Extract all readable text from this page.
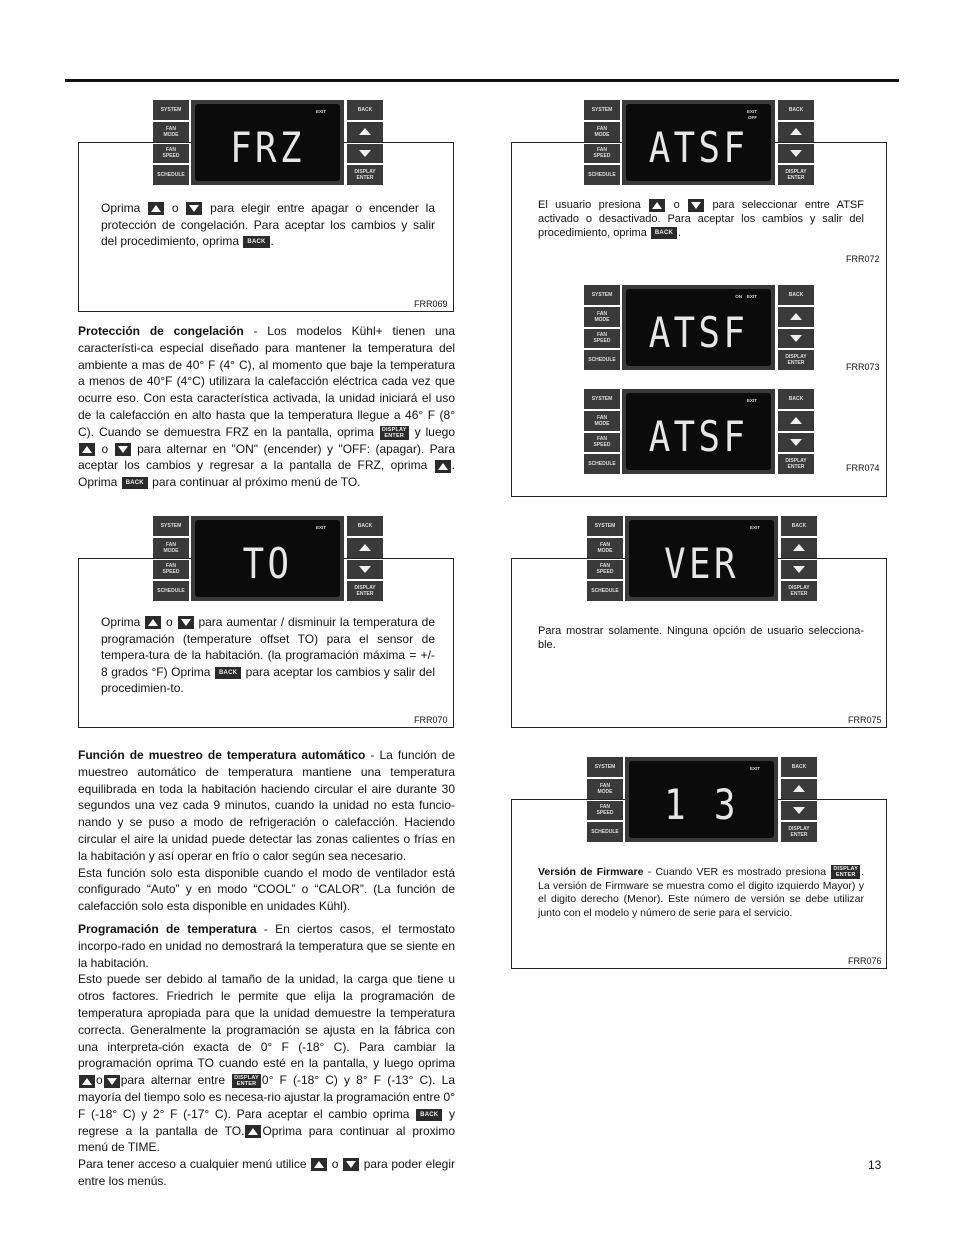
SYSTEM
FAN
MODE
FAN
SPEED
SCHEDULE
EXIT
FRZ
BACK
DISPLAY
ENTER
Oprima  o  para elegir entre apagar o encender la protección de congelación. Para aceptar los cambios y salir del procedimiento, oprima BACK .
FRR069

Protección de congelación - Los modelos Kühl+ tienen una característi-ca especial diseñado para mantener la temperatura del ambiente a mas de 40° F (4° C), al momento que baje la temperatura a menos de 40°F (4°C) utilizara la calefacción eléctrica cada vez que ocurre eso. Con esta característica activada, la unidad iniciará el uso de la calefacción en alto hasta que la temperatura llegue a 46° F (8° C). Cuando se demuestra FRZ en la pantalla, oprima DISPLAY
ENTER y luego  o  para alternar en "ON" (encender) y "OFF: (apagar). Para aceptar los cambios y regresar a la pantalla de FRZ, oprima . Oprima BACK para continuar al próximo menú de TO.

SYSTEM
FAN
MODE
FAN
SPEED
SCHEDULE
EXIT
TO
BACK
DISPLAY
ENTER
Oprima  o  para aumentar / disminuir la temperatura de programación (temperature offset TO) para el sensor de tempera-tura de la habitación. (la programación máxima = +/- 8 grados °F) Oprima BACK para aceptar los cambios y salir del procedimien-to.
FRR070

Función de muestreo de temperatura automático - La función de muestreo automático de temperatura mantiene una temperatura equilibrada en toda la habitación haciendo circular el aire durante 30 segundos una vez cada 9 minutos, cuando la unidad no esta funcio-nando y se puso a modo de refrigeración o calefacción. Haciendo circular el aire la unidad puede detectar las zonas calientes o frías en la habitación y así operar en frío o calor según sea necesario.

Esta función solo esta disponible cuando el modo de ventilador está configurado “Auto” y en modo “COOL” o “CALOR”. (La función de calefacción solo esta disponible en unidades Kühl).

Programación de temperatura - En ciertos casos, el termostato incorpo-rado en unidad no demostrará la temperatura que se siente en la habitación.

Esto puede ser debido al tamaño de la unidad, la carga que tiene u otros factores. Friedrich le permite que elija la programación de temperatura apropiada para que la unidad demuestre la temperatura correcta. Generalmente la programación se ajusta en la fábrica con una interpreta-ción exacta de 0° F (-18° C). Para cambiar la programación oprima TO cuando esté en la pantalla, y luego oprima o para alternar entre DISPLAY
ENTER 0° F (-18° C) y 8° F (-13° C). La mayoría del tiempo solo es necesa-rio ajustar la programación entre 0° F (-18° C) y 2° F (-17° C). Para aceptar el cambio oprima BACK y regrese a la pantalla de TO. Oprima para continuar al proximo menú de TIME.

Para tener acceso a cualquier menú utilice  o  para poder elegir entre los menús.

SYSTEM
FAN
MODE
FAN
SPEED
SCHEDULE
EXIT
OFF
ATSF
BACK
DISPLAY
ENTER
El usuario presiona  o  para seleccionar entre ATSF activado o desactivado. Para aceptar los cambios y salir del procedimiento, oprima BACK .
FRR072
SYSTEM
FAN
MODE
FAN
SPEED
SCHEDULE
ON    EXIT
ATSF
BACK
DISPLAY
ENTER	FRR073
SYSTEM
FAN
MODE
FAN
SPEED
SCHEDULE
EXIT
ATSF
BACK
DISPLAY
ENTER	FRR074
SYSTEM
FAN
MODE
FAN
SPEED
SCHEDULE
EXIT
VER
BACK
DISPLAY
ENTER
Para mostrar solamente. Ninguna opción de usuario selecciona-ble.
FRR075
SYSTEM
FAN
MODE
FAN
SPEED
SCHEDULE
EXIT
1 3
BACK
DISPLAY
ENTER
Versión de Firmware - Cuando VER es mostrado presiona DISPLAY
ENTER . La versión de Firmware se muestra como el digito izquierdo Mayor) y el digito derecho (Menor). Este número de versión se debe utilizar junto con el modelo y número de serie para el servicio.
FRR076
13
